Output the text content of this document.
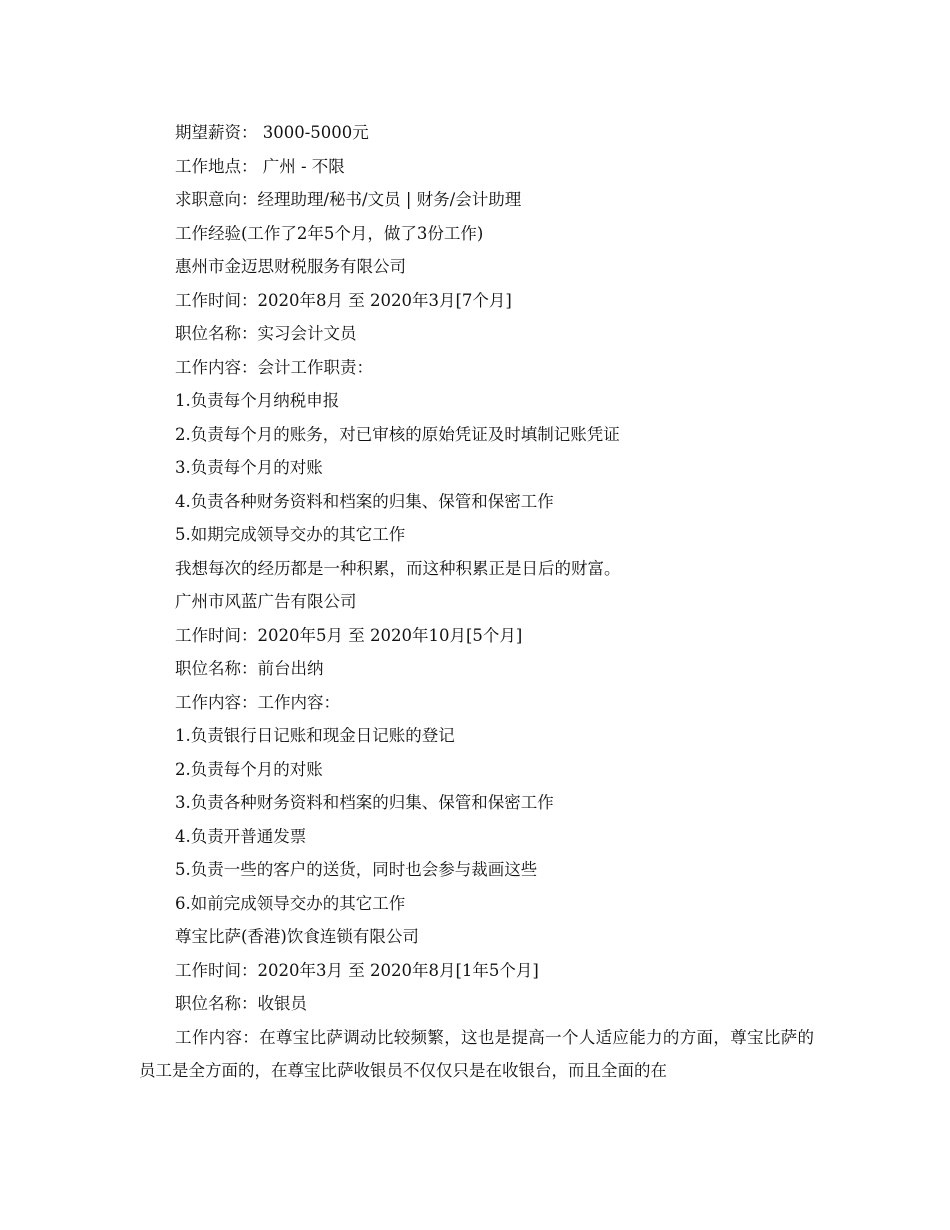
期望薪资： 3000-5000元
工作地点： 广州 - 不限
求职意向：经理助理/秘书/文员 | 财务/会计助理
工作经验(工作了2年5个月，做了3份工作)
惠州市金迈思财税服务有限公司
工作时间：2020年8月 至 2020年3月[7个月]
职位名称：实习会计文员
工作内容：会计工作职责：
1.负责每个月纳税申报
2.负责每个月的账务，对已审核的原始凭证及时填制记账凭证
3.负责每个月的对账
4.负责各种财务资料和档案的归集、保管和保密工作
5.如期完成领导交办的其它工作
我想每次的经历都是一种积累，而这种积累正是日后的财富。
广州市风蓝广告有限公司
工作时间：2020年5月 至 2020年10月[5个月]
职位名称：前台出纳
工作内容：工作内容：
1.负责银行日记账和现金日记账的登记
2.负责每个月的对账
3.负责各种财务资料和档案的归集、保管和保密工作
4.负责开普通发票
5.负责一些的客户的送货，同时也会参与裁画这些
6.如前完成领导交办的其它工作
尊宝比萨(香港)饮食连锁有限公司
工作时间：2020年3月 至 2020年8月[1年5个月]
职位名称：收银员
工作内容：在尊宝比萨调动比较频繁，这也是提高一个人适应能力的方面，尊宝比萨的员工是全方面的，在尊宝比萨收银员不仅仅只是在收银台，而且全面的在
